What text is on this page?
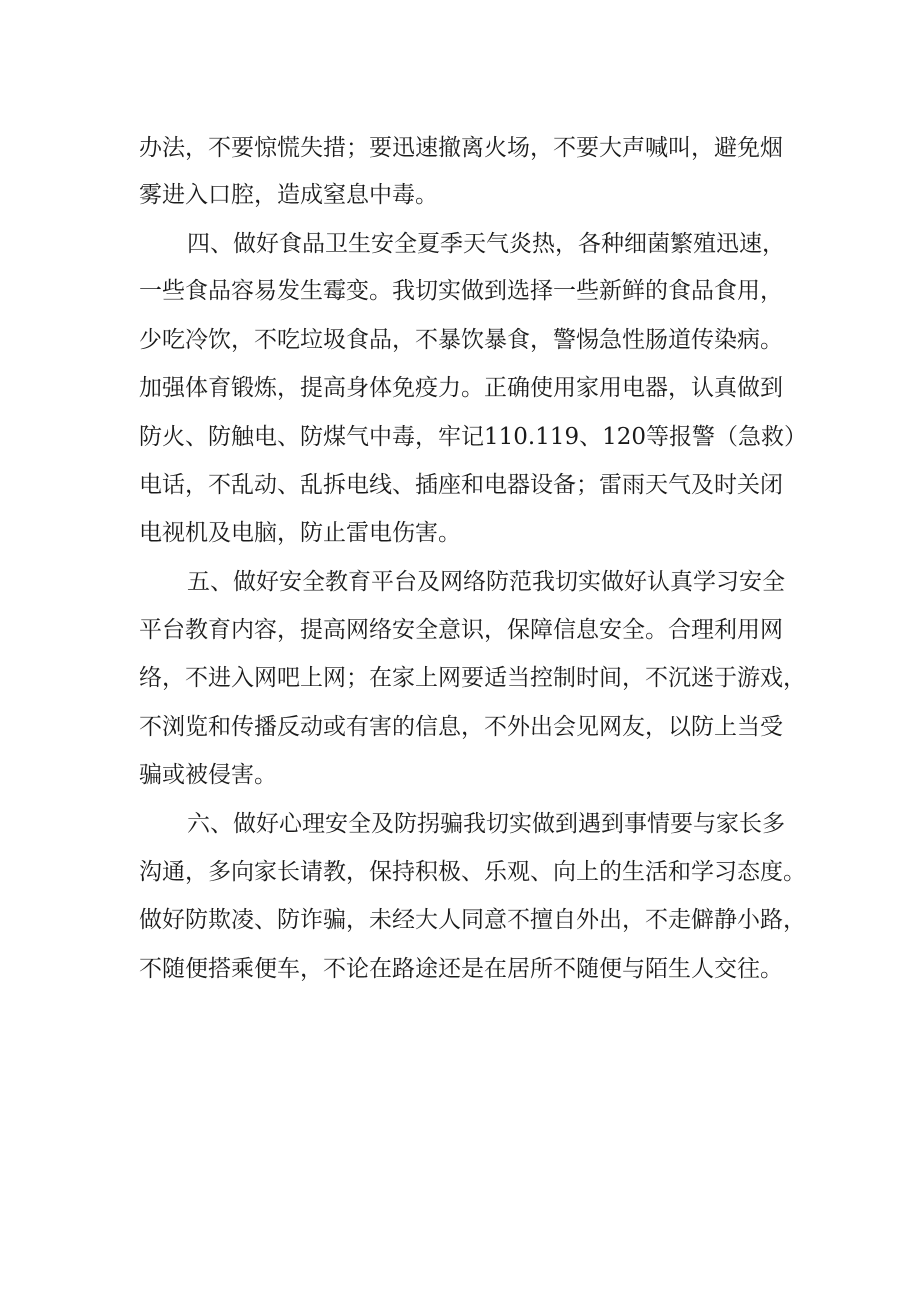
办法，不要惊慌失措；要迅速撤离火场，不要大声喊叫，避免烟
雾进入口腔，造成窒息中毒。
四、做好食品卫生安全夏季天气炎热，各种细菌繁殖迅速，
一些食品容易发生霉变。我切实做到选择一些新鲜的食品食用，
少吃冷饮，不吃垃圾食品，不暴饮暴食，警惕急性肠道传染病。
加强体育锻炼，提高身体免疫力。正确使用家用电器，认真做到
防火、防触电、防煤气中毒，牢记110.119、120等报警（急救）
电话，不乱动、乱拆电线、插座和电器设备；雷雨天气及时关闭
电视机及电脑，防止雷电伤害。
五、做好安全教育平台及网络防范我切实做好认真学习安全
平台教育内容，提高网络安全意识，保障信息安全。合理利用网
络，不进入网吧上网；在家上网要适当控制时间，不沉迷于游戏，
不浏览和传播反动或有害的信息，不外出会见网友，以防上当受
骗或被侵害。
六、做好心理安全及防拐骗我切实做到遇到事情要与家长多
沟通，多向家长请教，保持积极、乐观、向上的生活和学习态度。
做好防欺凌、防诈骗，未经大人同意不擅自外出，不走僻静小路，
不随便搭乘便车，不论在路途还是在居所不随便与陌生人交往。
